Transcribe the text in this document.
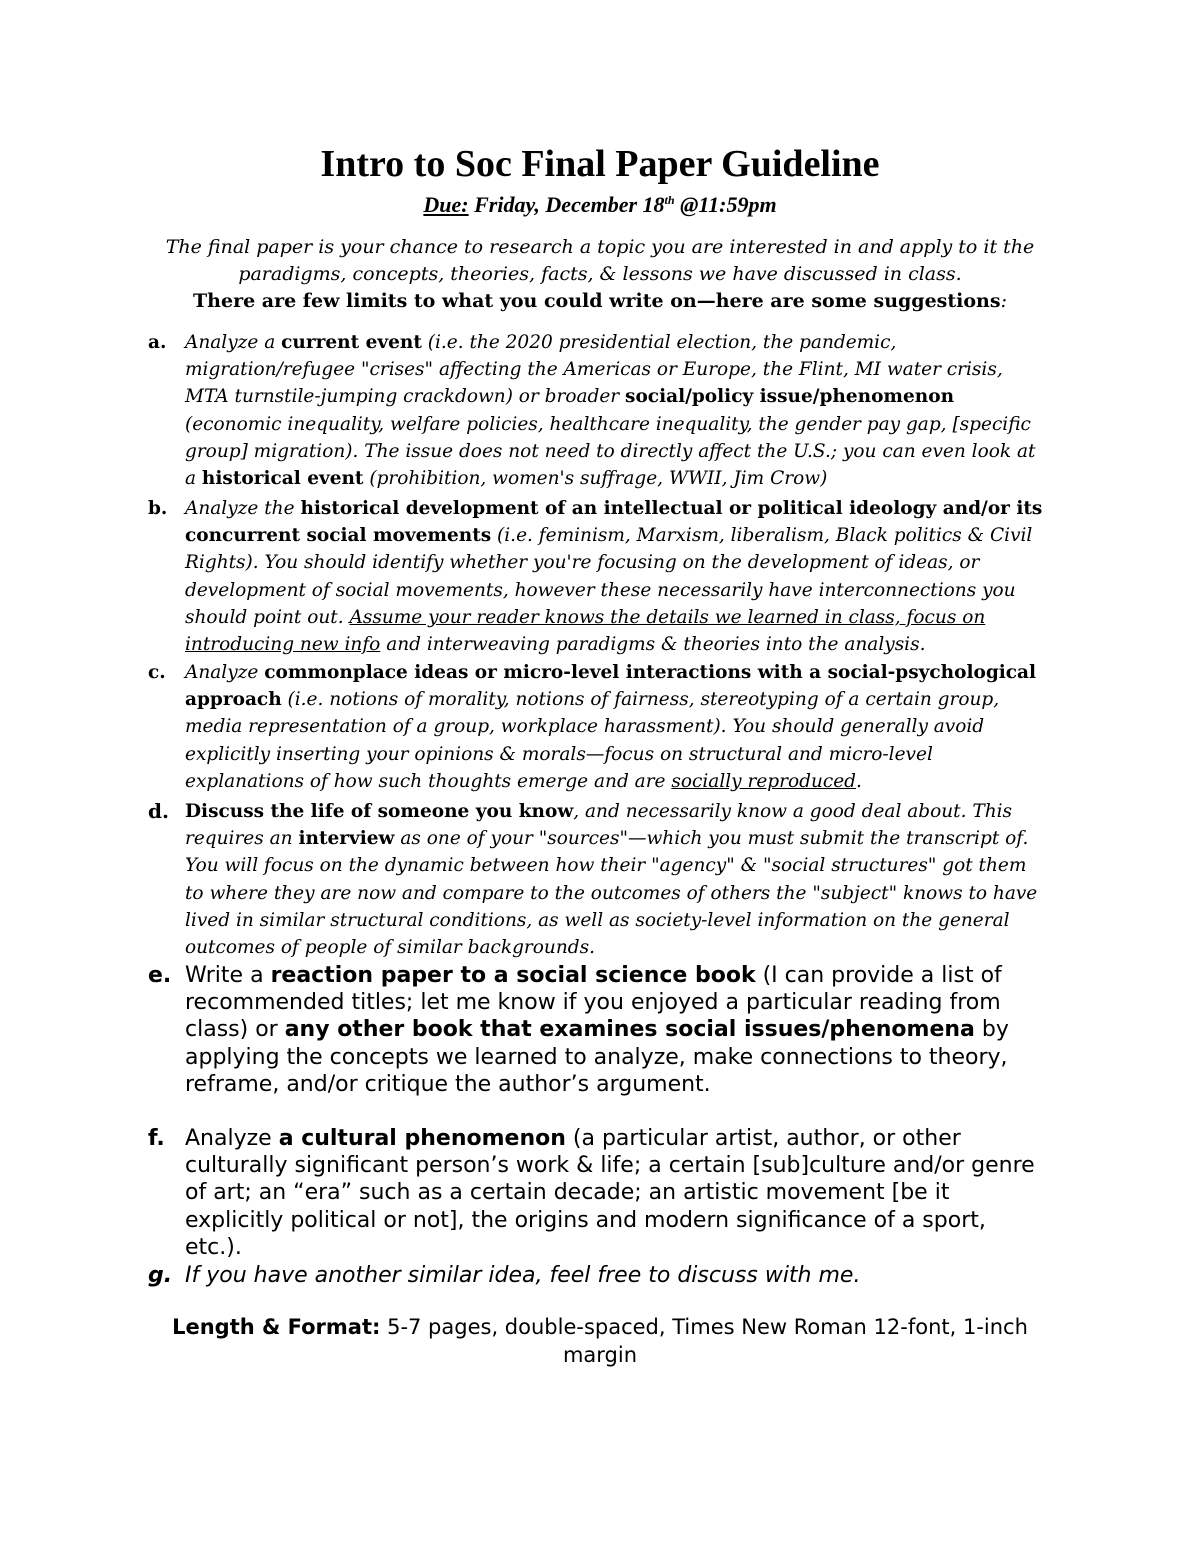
Intro to Soc Final Paper Guideline
Due: Friday, December 18th @11:59pm
The final paper is your chance to research a topic you are interested in and apply to it the
paradigms, concepts, theories, facts, & lessons we have discussed in class.
There are few limits to what you could write on—here are some suggestions:
a. Analyze a current event (i.e. the 2020 presidential election, the pandemic, migration/refugee "crises" affecting the Americas or Europe, the Flint, MI water crisis, MTA turnstile-jumping crackdown) or broader social/policy issue/phenomenon (economic inequality, welfare policies, healthcare inequality, the gender pay gap, [specific group] migration). The issue does not need to directly affect the U.S.; you can even look at a historical event (prohibition, women's suffrage, WWII, Jim Crow)
b. Analyze the historical development of an intellectual or political ideology and/or its concurrent social movements (i.e. feminism, Marxism, liberalism, Black politics & Civil Rights). You should identify whether you're focusing on the development of ideas, or development of social movements, however these necessarily have interconnections you should point out. Assume your reader knows the details we learned in class, focus on introducing new info and interweaving paradigms & theories into the analysis.
c. Analyze commonplace ideas or micro-level interactions with a social-psychological approach (i.e. notions of morality, notions of fairness, stereotyping of a certain group, media representation of a group, workplace harassment). You should generally avoid explicitly inserting your opinions & morals—focus on structural and micro-level explanations of how such thoughts emerge and are socially reproduced.
d. Discuss the life of someone you know, and necessarily know a good deal about. This requires an interview as one of your "sources"—which you must submit the transcript of. You will focus on the dynamic between how their "agency" & "social structures" got them to where they are now and compare to the outcomes of others the "subject" knows to have lived in similar structural conditions, as well as society-level information on the general outcomes of people of similar backgrounds.
e. Write a reaction paper to a social science book (I can provide a list of recommended titles; let me know if you enjoyed a particular reading from class) or any other book that examines social issues/phenomena by applying the concepts we learned to analyze, make connections to theory, reframe, and/or critique the author’s argument.
f. Analyze a cultural phenomenon (a particular artist, author, or other culturally significant person’s work & life; a certain [sub]culture and/or genre of art; an “era” such as a certain decade; an artistic movement [be it explicitly political or not], the origins and modern significance of a sport, etc.).
g. If you have another similar idea, feel free to discuss with me.
Length & Format: 5-7 pages, double-spaced, Times New Roman 12-font, 1-inch margin
